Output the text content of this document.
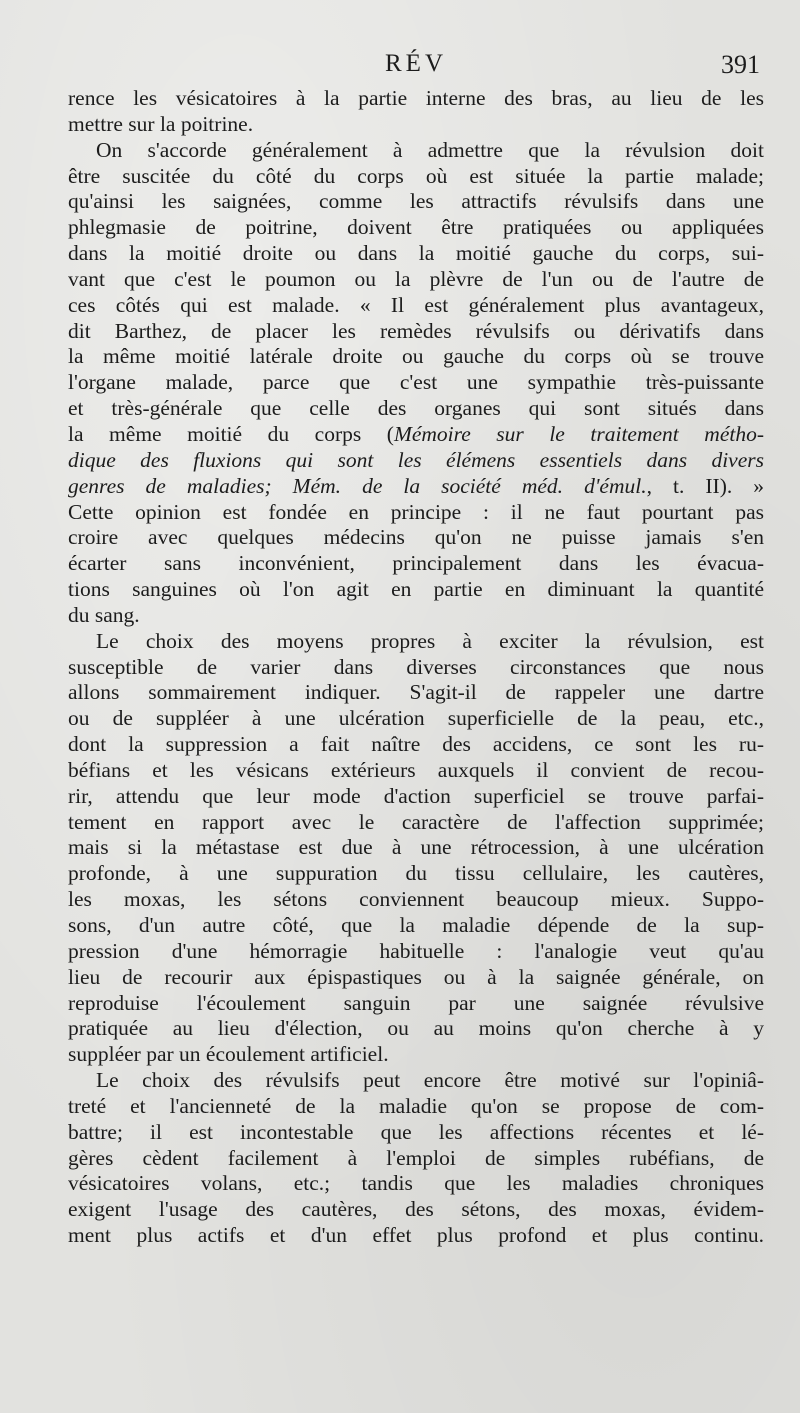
RÉV	391
rence les vésicatoires à la partie interne des bras, au lieu de les
mettre sur la poitrine.
On s'accorde généralement à admettre que la révulsion doit
être suscitée du côté du corps où est située la partie malade;
qu'ainsi les saignées, comme les attractifs révulsifs dans une
phlegmasie de poitrine, doivent être pratiquées ou appliquées
dans la moitié droite ou dans la moitié gauche du corps, sui-
vant que c'est le poumon ou la plèvre de l'un ou de l'autre de
ces côtés qui est malade. « Il est généralement plus avantageux,
dit Barthez, de placer les remèdes révulsifs ou dérivatifs dans
la même moitié latérale droite ou gauche du corps où se trouve
l'organe malade, parce que c'est une sympathie très-puissante
et très-générale que celle des organes qui sont situés dans
la même moitié du corps (Mémoire sur le traitement métho-
dique des fluxions qui sont les élémens essentiels dans divers
genres de maladies; Mém. de la société méd. d'émul., t. II). »
Cette opinion est fondée en principe : il ne faut pourtant pas
croire avec quelques médecins qu'on ne puisse jamais s'en
écarter sans inconvénient, principalement dans les évacua-
tions sanguines où l'on agit en partie en diminuant la quantité
du sang.
Le choix des moyens propres à exciter la révulsion, est
susceptible de varier dans diverses circonstances que nous
allons sommairement indiquer. S'agit-il de rappeler une dartre
ou de suppléer à une ulcération superficielle de la peau, etc.,
dont la suppression a fait naître des accidens, ce sont les ru-
béfians et les vésicans extérieurs auxquels il convient de recou-
rir, attendu que leur mode d'action superficiel se trouve parfai-
tement en rapport avec le caractère de l'affection supprimée;
mais si la métastase est due à une rétrocession, à une ulcération
profonde, à une suppuration du tissu cellulaire, les cautères,
les moxas, les sétons conviennent beaucoup mieux. Suppo-
sons, d'un autre côté, que la maladie dépende de la sup-
pression d'une hémorragie habituelle : l'analogie veut qu'au
lieu de recourir aux épispastiques ou à la saignée générale, on
reproduise l'écoulement sanguin par une saignée révulsive
pratiquée au lieu d'élection, ou au moins qu'on cherche à y
suppléer par un écoulement artificiel.
Le choix des révulsifs peut encore être motivé sur l'opiniâ-
treté et l'ancienneté de la maladie qu'on se propose de com-
battre; il est incontestable que les affections récentes et lé-
gères cèdent facilement à l'emploi de simples rubéfians, de
vésicatoires volans, etc.; tandis que les maladies chroniques
exigent l'usage des cautères, des sétons, des moxas, évidem-
ment plus actifs et d'un effet plus profond et plus continu.
